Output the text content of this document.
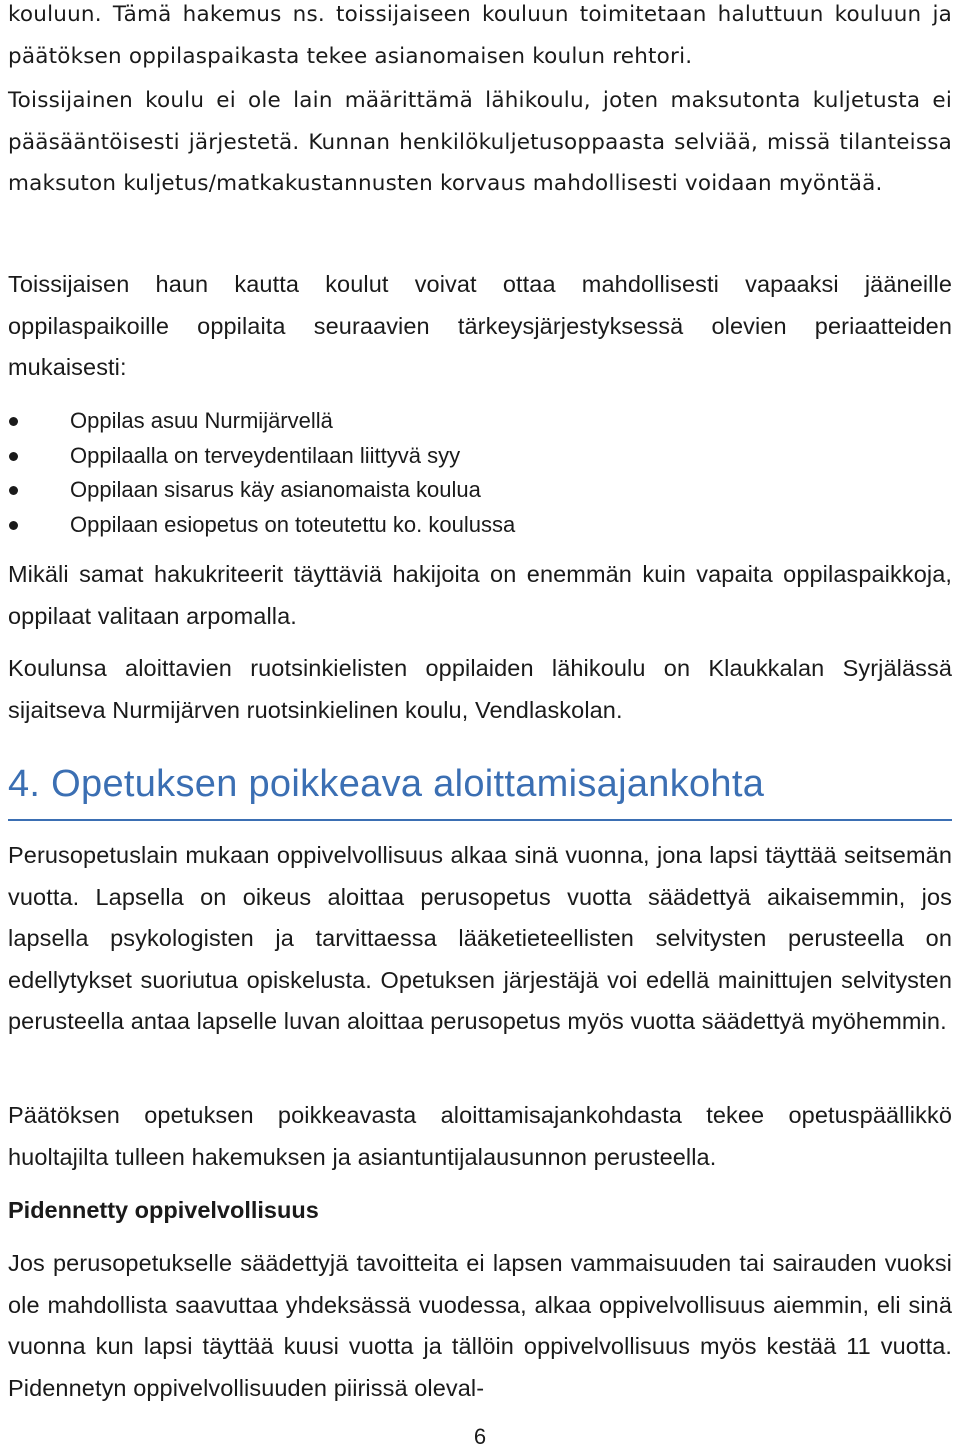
kouluun. Tämä hakemus ns. toissijaiseen kouluun toimitetaan haluttuun kouluun ja päätöksen oppilaspaikasta tekee asianomaisen koulun rehtori.

Toissijainen koulu ei ole lain määrittämä lähikoulu, joten maksutonta kuljetusta ei pääsääntöisesti järjestetä. Kunnan henkilökuljetusoppaasta selviää, missä tilanteissa maksuton kuljetus/matkakustannusten korvaus mahdollisesti voidaan myöntää.

Toissijaisen haun kautta koulut voivat ottaa mahdollisesti vapaaksi jääneille oppilaspaikoille oppilaita seuraavien tärkeysjärjestyksessä olevien periaatteiden mukaisesti:

Oppilas asuu Nurmijärvellä
Oppilaalla on terveydentilaan liittyvä syy
Oppilaan sisarus käy asianomaista koulua
Oppilaan esiopetus on toteutettu ko. koulussa

Mikäli samat hakukriteerit täyttäviä hakijoita on enemmän kuin vapaita oppilaspaikkoja, oppilaat valitaan arpomalla.

Koulunsa aloittavien ruotsinkielisten oppilaiden lähikoulu on Klaukkalan Syrjälässä sijaitseva Nurmijärven ruotsinkielinen koulu, Vendlaskolan.

4. Opetuksen poikkeava aloittamisajankohta

Perusopetuslain mukaan oppivelvollisuus alkaa sinä vuonna, jona lapsi täyttää seitsemän vuotta. Lapsella on oikeus aloittaa perusopetus vuotta säädettyä aikaisemmin, jos lapsella psykologisten ja tarvittaessa lääketieteellisten selvitysten perusteella on edellytykset suoriutua opiskelusta. Opetuksen järjestäjä voi edellä mainittujen selvitysten perusteella antaa lapselle luvan aloittaa perusopetus myös vuotta säädettyä myöhemmin.

Päätöksen opetuksen poikkeavasta aloittamisajankohdasta tekee opetuspäällikkö huoltajilta tulleen hakemuksen ja asiantuntijalausunnon perusteella.

Pidennetty oppivelvollisuus

Jos perusopetukselle säädettyjä tavoitteita ei lapsen vammaisuuden tai sairauden vuoksi ole mahdollista saavuttaa yhdeksässä vuodessa, alkaa oppivelvollisuus aiemmin, eli sinä vuonna kun lapsi täyttää kuusi vuotta ja tällöin oppivelvollisuus myös kestää 11 vuotta. Pidennetyn oppivelvollisuuden piirissä oleval-

6
